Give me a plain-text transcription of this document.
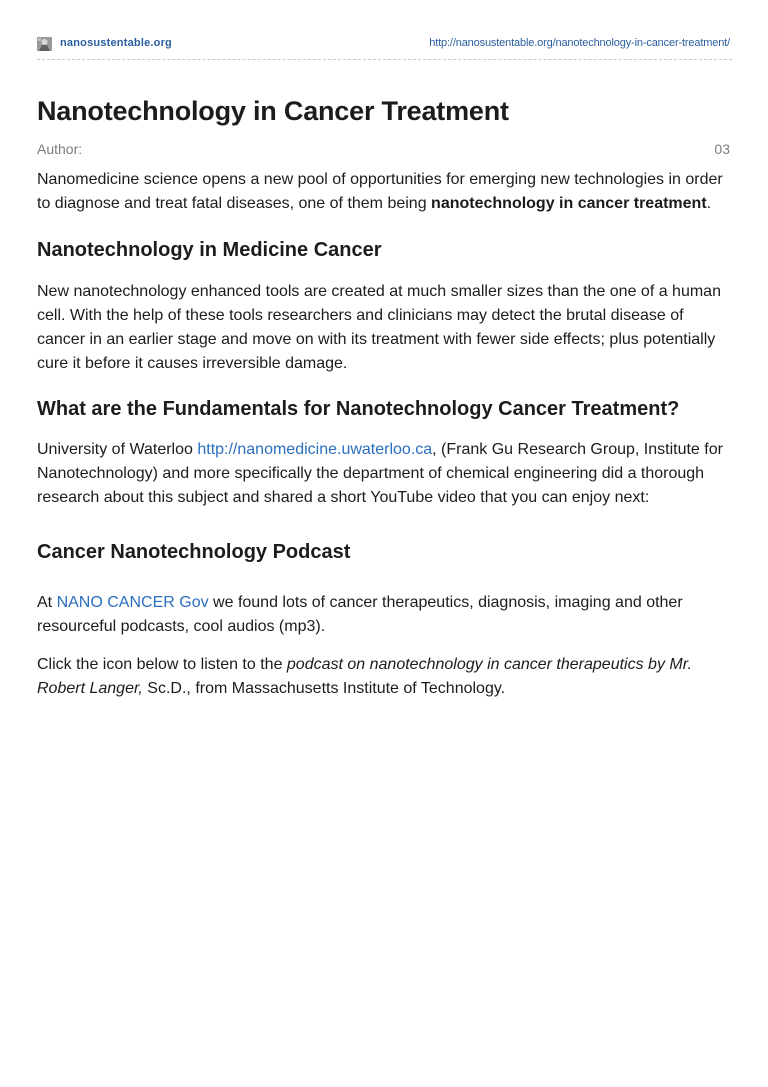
nanosustentable.org	http://nanosustentable.org/nanotechnology-in-cancer-treatment/
Nanotechnology in Cancer Treatment
Author:	03

Nanomedicine science opens a new pool of opportunities for emerging new technologies in order to diagnose and treat fatal diseases, one of them being nanotechnology in cancer treatment.

Nanotechnology in Medicine Cancer

New nanotechnology enhanced tools are created at much smaller sizes than the one of a human cell. With the help of these tools researchers and clinicians may detect the brutal disease of cancer in an earlier stage and move on with its treatment with fewer side effects; plus potentially cure it before it causes irreversible damage.

What are the Fundamentals for Nanotechnology Cancer Treatment?

University of Waterloo http://nanomedicine.uwaterloo.ca, (Frank Gu Research Group, Institute for Nanotechnology) and more specifically the department of chemical engineering did a thorough research about this subject and shared a short YouTube video that you can enjoy next:

Cancer Nanotechnology Podcast

At NANO CANCER Gov we found lots of cancer therapeutics, diagnosis, imaging and other resourceful podcasts, cool audios (mp3).

Click the icon below to listen to the podcast on nanotechnology in cancer therapeutics by Mr. Robert Langer, Sc.D., from Massachusetts Institute of Technology.
